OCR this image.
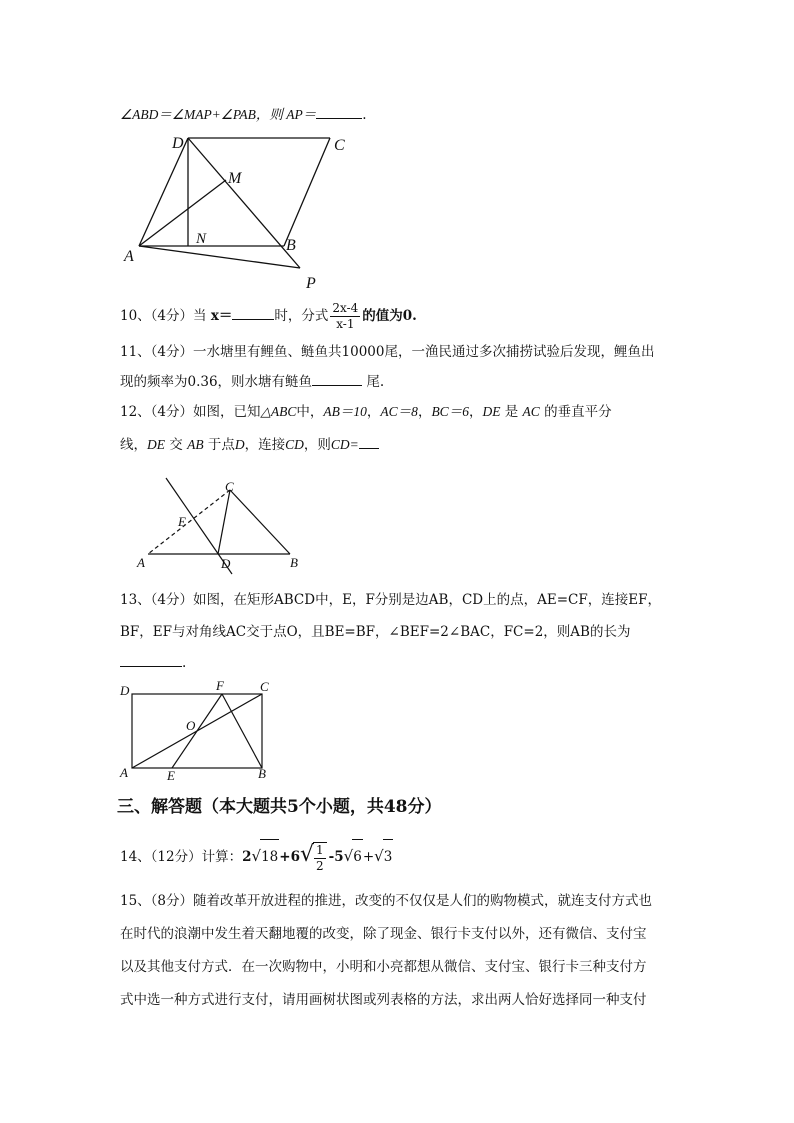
∠ABD＝∠MAP+∠PAB，则 AP＝	.
D	C
M
N
A
B
P
10、（4分）当 x＝	时，分式 $\frac{2x-4}{x-1}$ 的值为0.
11、（4分）一水塘里有鲤鱼、鲢鱼共10000尾，一渔民通过多次捕捞试验后发现，鲤鱼出
现的频率为0.36，则水塘有鲢鱼	尾.
12、（4分）如图，已知△ABC中，AB＝10，AC＝8，BC＝6，DE 是 AC 的垂直平分
线，DE 交 AB 于点D，连接CD，则CD=
C
E
A	D	B
13、（4分）如图，在矩形ABCD中，E，F分别是边AB，CD上的点，AE=CF，连接EF，
BF，EF与对角线AC交于点O，且BE=BF，∠BEF=2∠BAC，FC=2，则AB的长为
.
D	F	C
O
A	E	B
三、解答题（本大题共5个小题，共48分）
14、（12分）计算：$2√18+6√ \frac{1}{2} -5√6+√3$
15、（8分）随着改革开放进程的推进，改变的不仅仅是人们的购物模式，就连支付方式也
在时代的浪潮中发生着天翻地覆的改变，除了现金、银行卡支付以外，还有微信、支付宝
以及其他支付方式．在一次购物中，小明和小亮都想从微信、支付宝、银行卡三种支付方
式中选一种方式进行支付，请用画树状图或列表格的方法，求出两人恰好选择同一种支付
